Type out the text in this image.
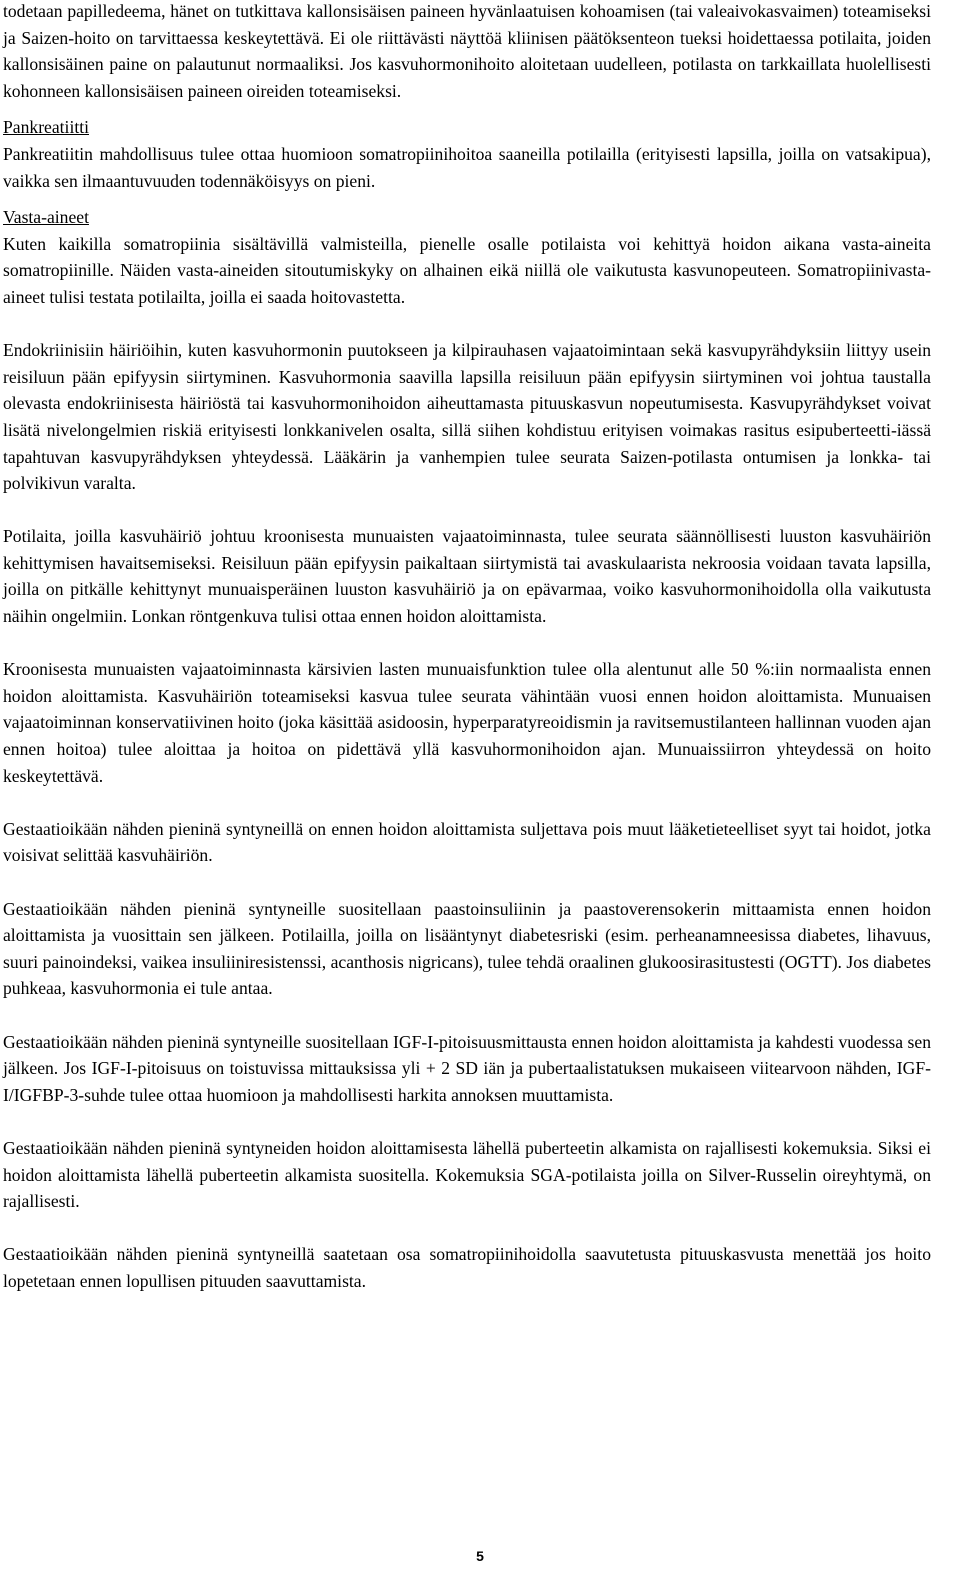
todetaan papilledeema, hänet on tutkittava kallonsisäisen paineen hyvänlaatuisen kohoamisen (tai valeaivokasvaimen) toteamiseksi ja Saizen-hoito on tarvittaessa keskeytettävä. Ei ole riittävästi näyttöä kliinisen päätöksenteon tueksi hoidettaessa potilaita, joiden kallonsisäinen paine on palautunut normaaliksi. Jos kasvuhormonihoito aloitetaan uudelleen, potilasta on tarkkaillata huolellisesti kohonneen kallonsisäisen paineen oireiden toteamiseksi.

Pankreatiitti

Pankreatiitin mahdollisuus tulee ottaa huomioon somatropiinihoitoa saaneilla potilailla (erityisesti lapsilla, joilla on vatsakipua), vaikka sen ilmaantuvuuden todennäköisyys on pieni.

Vasta-aineet

Kuten kaikilla somatropiinia sisältävillä valmisteilla, pienelle osalle potilaista voi kehittyä hoidon aikana vasta-aineita somatropiinille. Näiden vasta-aineiden sitoutumiskyky on alhainen eikä niillä ole vaikutusta kasvunopeuteen. Somatropiinivasta-aineet tulisi testata potilailta, joilla ei saada hoitovastetta.

Endokriinisiin häiriöihin, kuten kasvuhormonin puutokseen ja kilpirauhasen vajaatoimintaan sekä kasvupyrähdyksiin liittyy usein reisiluun pään epifyysin siirtyminen. Kasvuhormonia saavilla lapsilla reisiluun pään epifyysin siirtyminen voi johtua taustalla olevasta endokriinisesta häiriöstä tai kasvuhormonihoidon aiheuttamasta pituuskasvun nopeutumisesta. Kasvupyrähdykset voivat lisätä nivelongelmien riskiä erityisesti lonkkanivelen osalta, sillä siihen kohdistuu erityisen voimakas rasitus esipuberteetti-iässä tapahtuvan kasvupyrähdyksen yhteydessä. Lääkärin ja vanhempien tulee seurata Saizen-potilasta ontumisen ja lonkka- tai polvikivun varalta.

Potilaita, joilla kasvuhäiriö johtuu kroonisesta munuaisten vajaatoiminnasta, tulee seurata säännöllisesti luuston kasvuhäiriön kehittymisen havaitsemiseksi. Reisiluun pään epifyysin paikaltaan siirtymistä tai avaskulaarista nekroosia voidaan tavata lapsilla, joilla on pitkälle kehittynyt munuaisperäinen luuston kasvuhäiriö ja on epävarmaa, voiko kasvuhormonihoidolla olla vaikutusta näihin ongelmiin. Lonkan röntgenkuva tulisi ottaa ennen hoidon aloittamista.

Kroonisesta munuaisten vajaatoiminnasta kärsivien lasten munuaisfunktion tulee olla alentunut alle 50 %:iin normaalista ennen hoidon aloittamista. Kasvuhäiriön toteamiseksi kasvua tulee seurata vähintään vuosi ennen hoidon aloittamista. Munuaisen vajaatoiminnan konservatiivinen hoito (joka käsittää asidoosin, hyperparatyreoidismin ja ravitsemustilanteen hallinnan vuoden ajan ennen hoitoa) tulee aloittaa ja hoitoa on pidettävä yllä kasvuhormonihoidon ajan. Munuaissiirron yhteydessä on hoito keskeytettävä.

Gestaatioikään nähden pieninä syntyneillä on ennen hoidon aloittamista suljettava pois muut lääketieteelliset syyt tai hoidot, jotka voisivat selittää kasvuhäiriön.

Gestaatioikään nähden pieninä syntyneille suositellaan paastoinsuliinin ja paastoverensokerin mittaamista ennen hoidon aloittamista ja vuosittain sen jälkeen. Potilailla, joilla on lisääntynyt diabetesriski (esim. perheanamneesissa diabetes, lihavuus, suuri painoindeksi, vaikea insuliiniresistenssi, acanthosis nigricans), tulee tehdä oraalinen glukoosirasitustesti (OGTT). Jos diabetes puhkeaa, kasvuhormonia ei tule antaa.

Gestaatioikään nähden pieninä syntyneille suositellaan IGF-I-pitoisuusmittausta ennen hoidon aloittamista ja kahdesti vuodessa sen jälkeen. Jos IGF-I-pitoisuus on toistuvissa mittauksissa yli + 2 SD iän ja pubertaalistatuksen mukaiseen viitearvoon nähden, IGF-I/IGFBP-3-suhde tulee ottaa huomioon ja mahdollisesti harkita annoksen muuttamista.

Gestaatioikään nähden pieninä syntyneiden hoidon aloittamisesta lähellä puberteetin alkamista on rajallisesti kokemuksia. Siksi ei hoidon aloittamista lähellä puberteetin alkamista suositella. Kokemuksia SGA-potilaista joilla on Silver-Russelin oireyhtymä, on rajallisesti.

Gestaatioikään nähden pieninä syntyneillä saatetaan osa somatropiinihoidolla saavutetusta pituuskasvusta menettää jos hoito lopetetaan ennen lopullisen pituuden saavuttamista.

5
